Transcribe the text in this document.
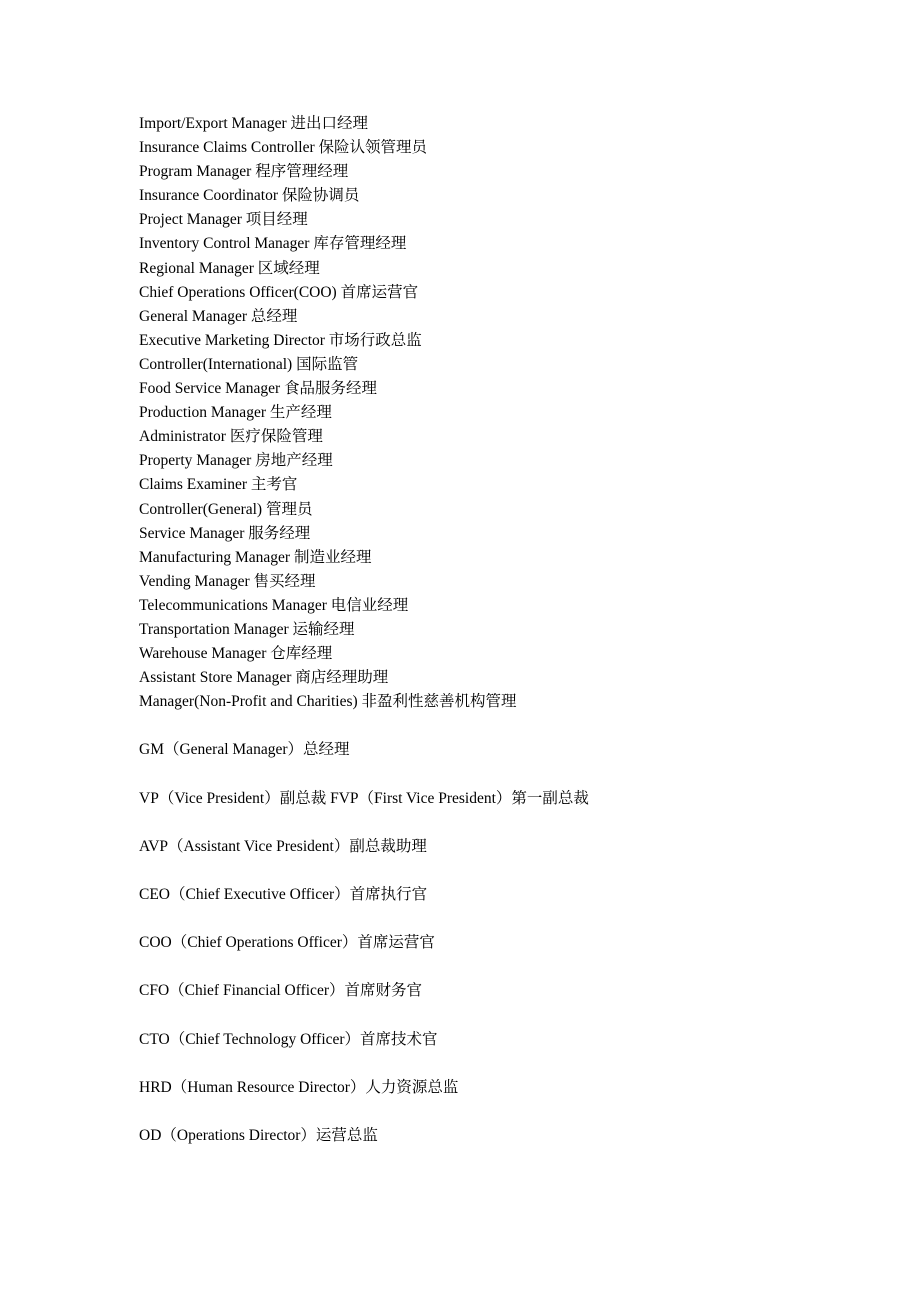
Import/Export Manager 进出口经理
Insurance Claims Controller 保险认领管理员
Program Manager 程序管理经理
Insurance Coordinator 保险协调员
Project Manager 项目经理
Inventory Control Manager 库存管理经理
Regional Manager 区域经理
Chief Operations Officer(COO) 首席运营官
General Manager 总经理
Executive Marketing Director 市场行政总监
Controller(International) 国际监管
Food Service Manager 食品服务经理
Production Manager 生产经理
Administrator 医疗保险管理
Property Manager 房地产经理
Claims Examiner 主考官
Controller(General) 管理员
Service Manager 服务经理
Manufacturing Manager 制造业经理
Vending Manager 售买经理
Telecommunications Manager 电信业经理
Transportation Manager 运输经理
Warehouse Manager 仓库经理
Assistant Store Manager 商店经理助理
Manager(Non-Profit and Charities) 非盈利性慈善机构管理
GM（General Manager）总经理
VP（Vice President）副总裁 FVP（First Vice President）第一副总裁
AVP（Assistant Vice President）副总裁助理
CEO（Chief Executive Officer）首席执行官
COO（Chief Operations Officer）首席运营官
CFO（Chief Financial Officer）首席财务官
CTO（Chief Technology Officer）首席技术官
HRD（Human Resource Director）人力资源总监
OD（Operations Director）运营总监
